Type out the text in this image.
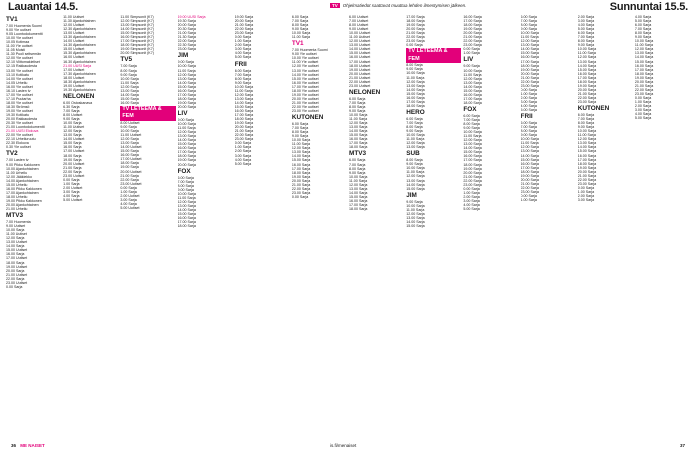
Lauantai 14.5.	TV	Ohjelmatiedot saattavat muuttua lehden ilmestymisen jälkeen.	Sunnuntai 15.5.
TV1
7.00 Huomenta Suomi
9.00 Yle uutiset
9.05 Luontodokumentti
10.00 Yle uutiset
10.05 Kotimaa
11.00 Yle uutiset
11.05 Muisti
11.30 Puoli seitsemän
12.00 Yle uutiset
12.10 Viittomakieliset
12.15 Rakkaudesta
13.00 Yle uutiset
13.10 Kotikatu
14.00 Yle uutiset
14.05 Urheilu
16.00 Yle uutiset
16.10 Lasten tv
17.00 Yle uutiset
17.10 Puutarha
18.00 Yle uutiset
18.30 Strömsö
19.00 Yle uutiset
19.30 Kotikatu
20.00 Rakkaudesta
20.30 Yle uutiset
21.00 Luontodokumentti
21.00 UUSI Elokuva
22.00 Yle uutiset
22.10 Urheiluruutu
22.30 Elokuva
0.30 Yle uutiset
TV2
7.00 Lasten tv
9.00 Pikku Kakkonen
10.00 Ajankohtainen
11.00 Urheilu
12.00 Jääkiekko
14.00 Ajankohtainen
15.00 Urheilu
16.00 Pikku Kakkonen
17.00 Ajankohtainen
18.00 Urheilu
19.00 Pikku Kakkonen
20.00 Ajankohtainen
21.00 Urheilu
MTV3
7.00 Huomenta
9.00 Uutiset
10.00 Sarja
11.00 Uutiset
12.00 Sarja
13.00 Uutiset
14.00 Sarja
15.00 Uutiset
16.00 Sarja
17.00 Uutiset
18.00 Sarja
19.00 Uutiset
20.00 Sarja
21.00 Uutiset
22.00 Sarja
23.00 Uutiset
0.00 Sarja
11.00 Uutiset
11.30 Ajankohtainen
12.00 Uutiset
12.30 Ajankohtainen
13.00 Uutiset
13.30 Ajankohtainen
14.00 Uutiset
14.30 Ajankohtainen
15.00 Uutiset
15.30 Ajankohtainen
16.00 Uutiset
16.30 Ajankohtainen
21.00 UUSI Sarja
17.00 Uutiset
17.30 Ajankohtainen
18.00 Uutiset
18.30 Ajankohtainen
19.00 Uutiset
19.30 Ajankohtainen
NELONEN
6.00 Ostoskanava
6.30 Sarja
7.00 Sarja
8.00 Uutiset
9.00 Sarja
10.00 Sarja
11.00 Uutiset
12.00 Sarja
13.00 Sarja
14.00 Uutiset
15.00 Sarja
16.00 Sarja
17.00 Uutiset
18.00 Sarja
19.00 Sarja
20.00 Uutiset
21.00 Sarja
22.00 Sarja
23.00 Uutiset
0.00 Sarja
1.00 Sarja
2.00 Uutiset
3.00 Sarja
4.00 Sarja
5.00 Uutiset
11.00 Simpsonit (K7)
12.00 Simpsonit (K7)
13.00 Simpsonit (K7)
14.00 Simpsonit (K7)
15.00 Simpsonit (K7)
16.00 Simpsonit (K7)
17.00 Simpsonit (K7)
18.00 Simpsonit (K7)
19.00 Simpsonit (K7)
20.00 Simpsonit (K7)
TV5
7.00 Sarja
8.00 Sarja
9.00 Sarja
10.00 Sarja
11.00 Sarja
12.00 Sarja
13.00 Sarja
14.00 Sarja
15.00 Sarja
16.00 Sarja
TV LETEEMA & FEM
8.00 Uutiset
9.00 Sarja
10.00 Sarja
11.00 Uutiset
12.00 Sarja
13.00 Sarja
14.00 Uutiset
15.00 Sarja
16.00 Sarja
17.00 Uutiset
18.00 Sarja
19.00 Sarja
20.00 Uutiset
21.00 Sarja
22.00 Sarja
23.00 Uutiset
0.00 Sarja
1.00 Sarja
2.00 Uutiset
3.00 Sarja
4.00 Sarja
5.00 Uutiset
19.00 UUSI Sarja
19.30 Sarja
20.00 Sarja
20.30 Sarja
21.00 Sarja
21.30 Sarja
22.00 Sarja
22.30 Sarja
23.00 Sarja
JIM
9.00 Sarja
10.00 Sarja
11.00 Sarja
12.00 Sarja
13.00 Sarja
14.00 Sarja
15.00 Sarja
16.00 Sarja
17.00 Sarja
18.00 Sarja
19.00 Sarja
20.00 Sarja
LIV
9.00 Sarja
10.00 Sarja
11.00 Sarja
12.00 Sarja
13.00 Sarja
14.00 Sarja
15.00 Sarja
16.00 Sarja
17.00 Sarja
18.00 Sarja
19.00 Sarja
20.00 Sarja
FOX
6.00 Sarja
7.00 Sarja
8.00 Sarja
9.00 Sarja
10.00 Sarja
11.00 Sarja
12.00 Sarja
13.00 Sarja
14.00 Sarja
15.00 Sarja
16.00 Sarja
17.00 Sarja
18.00 Sarja
19.00 Sarja
20.00 Sarja
21.00 Sarja
22.00 Sarja
23.00 Sarja
0.00 Sarja
1.00 Sarja
2.00 Sarja
3.00 Sarja
4.00 Sarja
5.00 Sarja
FRII
6.00 Sarja
7.00 Sarja
8.00 Sarja
9.00 Sarja
10.00 Sarja
11.00 Sarja
12.00 Sarja
13.00 Sarja
14.00 Sarja
15.00 Sarja
16.00 Sarja
17.00 Sarja
18.00 Sarja
19.00 Sarja
20.00 Sarja
21.00 Sarja
22.00 Sarja
23.00 Sarja
0.00 Sarja
1.00 Sarja
2.00 Sarja
3.00 Sarja
4.00 Sarja
5.00 Sarja
6.00 Sarja
7.00 Sarja
8.00 Sarja
9.00 Sarja
10.00 Sarja
11.00 Sarja
TV1
7.00 Huomenta Suomi
9.00 Yle uutiset
10.00 Yle uutiset
11.00 Yle uutiset
12.00 Yle uutiset
13.00 Yle uutiset
14.00 Yle uutiset
15.00 Yle uutiset
16.00 Yle uutiset
17.00 Yle uutiset
18.00 Yle uutiset
19.00 Yle uutiset
20.00 Yle uutiset
21.00 Yle uutiset
22.00 Yle uutiset
23.00 Yle uutiset
KUTONEN
6.00 Sarja
7.00 Sarja
8.00 Sarja
9.00 Sarja
10.00 Sarja
11.00 Sarja
12.00 Sarja
13.00 Sarja
14.00 Sarja
15.00 Sarja
16.00 Sarja
17.00 Sarja
18.00 Sarja
19.00 Sarja
20.00 Sarja
21.00 Sarja
22.00 Sarja
23.00 Sarja
0.00 Sarja
6.00 Uutiset
7.00 Uutiset
8.00 Uutiset
9.00 Uutiset
10.00 Uutiset
11.00 Uutiset
12.00 Uutiset
13.00 Uutiset
14.00 Uutiset
15.00 Uutiset
16.00 Uutiset
17.00 Uutiset
18.00 Uutiset
19.00 Uutiset
20.00 Uutiset
21.00 Uutiset
22.00 Uutiset
23.00 Uutiset
NELONEN
6.00 Sarja
7.00 Sarja
8.00 Sarja
9.00 Sarja
10.00 Sarja
11.00 Sarja
12.00 Sarja
13.00 Sarja
14.00 Sarja
15.00 Sarja
16.00 Sarja
17.00 Sarja
18.00 Sarja
MTV3
6.00 Sarja
7.00 Sarja
8.00 Sarja
9.00 Sarja
10.00 Sarja
11.00 Sarja
12.00 Sarja
13.00 Sarja
14.00 Sarja
15.00 Sarja
16.00 Sarja
17.00 Sarja
18.00 Sarja
17.00 Sarja
18.00 Sarja
19.00 Sarja
20.00 Sarja
21.00 Sarja
22.00 Sarja
23.00 Sarja
0.00 Sarja
TV LETEEMA & FEM
8.00 Sarja
9.00 Sarja
10.00 Sarja
11.00 Sarja
12.00 Sarja
13.00 Sarja
14.00 Sarja
15.00 Sarja
16.00 Sarja
17.00 Sarja
18.00 Sarja
HERO
6.00 Sarja
7.00 Sarja
8.00 Sarja
9.00 Sarja
10.00 Sarja
11.00 Sarja
12.00 Sarja
13.00 Sarja
SUB
8.00 Sarja
9.00 Sarja
10.00 Sarja
11.00 Sarja
12.00 Sarja
13.00 Sarja
14.00 Sarja
15.00 Sarja
JIM
9.00 Sarja
10.00 Sarja
11.00 Sarja
12.00 Sarja
13.00 Sarja
14.00 Sarja
15.00 Sarja
16.00 Sarja
17.00 Sarja
18.00 Sarja
19.00 Sarja
20.00 Sarja
21.00 Sarja
22.00 Sarja
23.00 Sarja
0.00 Sarja
1.00 Sarja
LIV
9.00 Sarja
10.00 Sarja
11.00 Sarja
12.00 Sarja
13.00 Sarja
14.00 Sarja
15.00 Sarja
16.00 Sarja
17.00 Sarja
18.00 Sarja
FOX
6.00 Sarja
7.00 Sarja
8.00 Sarja
9.00 Sarja
10.00 Sarja
11.00 Sarja
12.00 Sarja
13.00 Sarja
14.00 Sarja
15.00 Sarja
16.00 Sarja
17.00 Sarja
18.00 Sarja
19.00 Sarja
20.00 Sarja
21.00 Sarja
22.00 Sarja
23.00 Sarja
0.00 Sarja
1.00 Sarja
2.00 Sarja
3.00 Sarja
4.00 Sarja
5.00 Sarja
6.00 Sarja
7.00 Sarja
8.00 Sarja
9.00 Sarja
10.00 Sarja
11.00 Sarja
12.00 Sarja
13.00 Sarja
14.00 Sarja
15.00 Sarja
16.00 Sarja
17.00 Sarja
18.00 Sarja
19.00 Sarja
20.00 Sarja
21.00 Sarja
22.00 Sarja
23.00 Sarja
0.00 Sarja
1.00 Sarja
2.00 Sarja
3.00 Sarja
4.00 Sarja
5.00 Sarja
FRII
6.00 Sarja
7.00 Sarja
8.00 Sarja
9.00 Sarja
10.00 Sarja
11.00 Sarja
12.00 Sarja
13.00 Sarja
14.00 Sarja
15.00 Sarja
16.00 Sarja
17.00 Sarja
18.00 Sarja
19.00 Sarja
20.00 Sarja
21.00 Sarja
22.00 Sarja
23.00 Sarja
0.00 Sarja
1.00 Sarja
2.00 Sarja
3.00 Sarja
4.00 Sarja
5.00 Sarja
6.00 Sarja
7.00 Sarja
8.00 Sarja
9.00 Sarja
10.00 Sarja
11.00 Sarja
12.00 Sarja
13.00 Sarja
14.00 Sarja
15.00 Sarja
16.00 Sarja
17.00 Sarja
18.00 Sarja
19.00 Sarja
20.00 Sarja
21.00 Sarja
22.00 Sarja
23.00 Sarja
KUTONEN
6.00 Sarja
7.00 Sarja
8.00 Sarja
9.00 Sarja
10.00 Sarja
11.00 Sarja
12.00 Sarja
13.00 Sarja
14.00 Sarja
15.00 Sarja
16.00 Sarja
17.00 Sarja
18.00 Sarja
19.00 Sarja
20.00 Sarja
21.00 Sarja
22.00 Sarja
23.00 Sarja
0.00 Sarja
1.00 Sarja
2.00 Sarja
3.00 Sarja
4.00 Sarja
5.00 Sarja
6.00 Sarja
7.00 Sarja
8.00 Sarja
9.00 Sarja
10.00 Sarja
11.00 Sarja
12.00 Sarja
13.00 Sarja
14.00 Sarja
15.00 Sarja
16.00 Sarja
17.00 Sarja
18.00 Sarja
19.00 Sarja
20.00 Sarja
21.00 Sarja
22.00 Sarja
23.00 Sarja
0.00 Sarja
1.00 Sarja
2.00 Sarja
3.00 Sarja
4.00 Sarja
5.00 Sarja
36 ME NAISET	is.fi/menaiset	37
